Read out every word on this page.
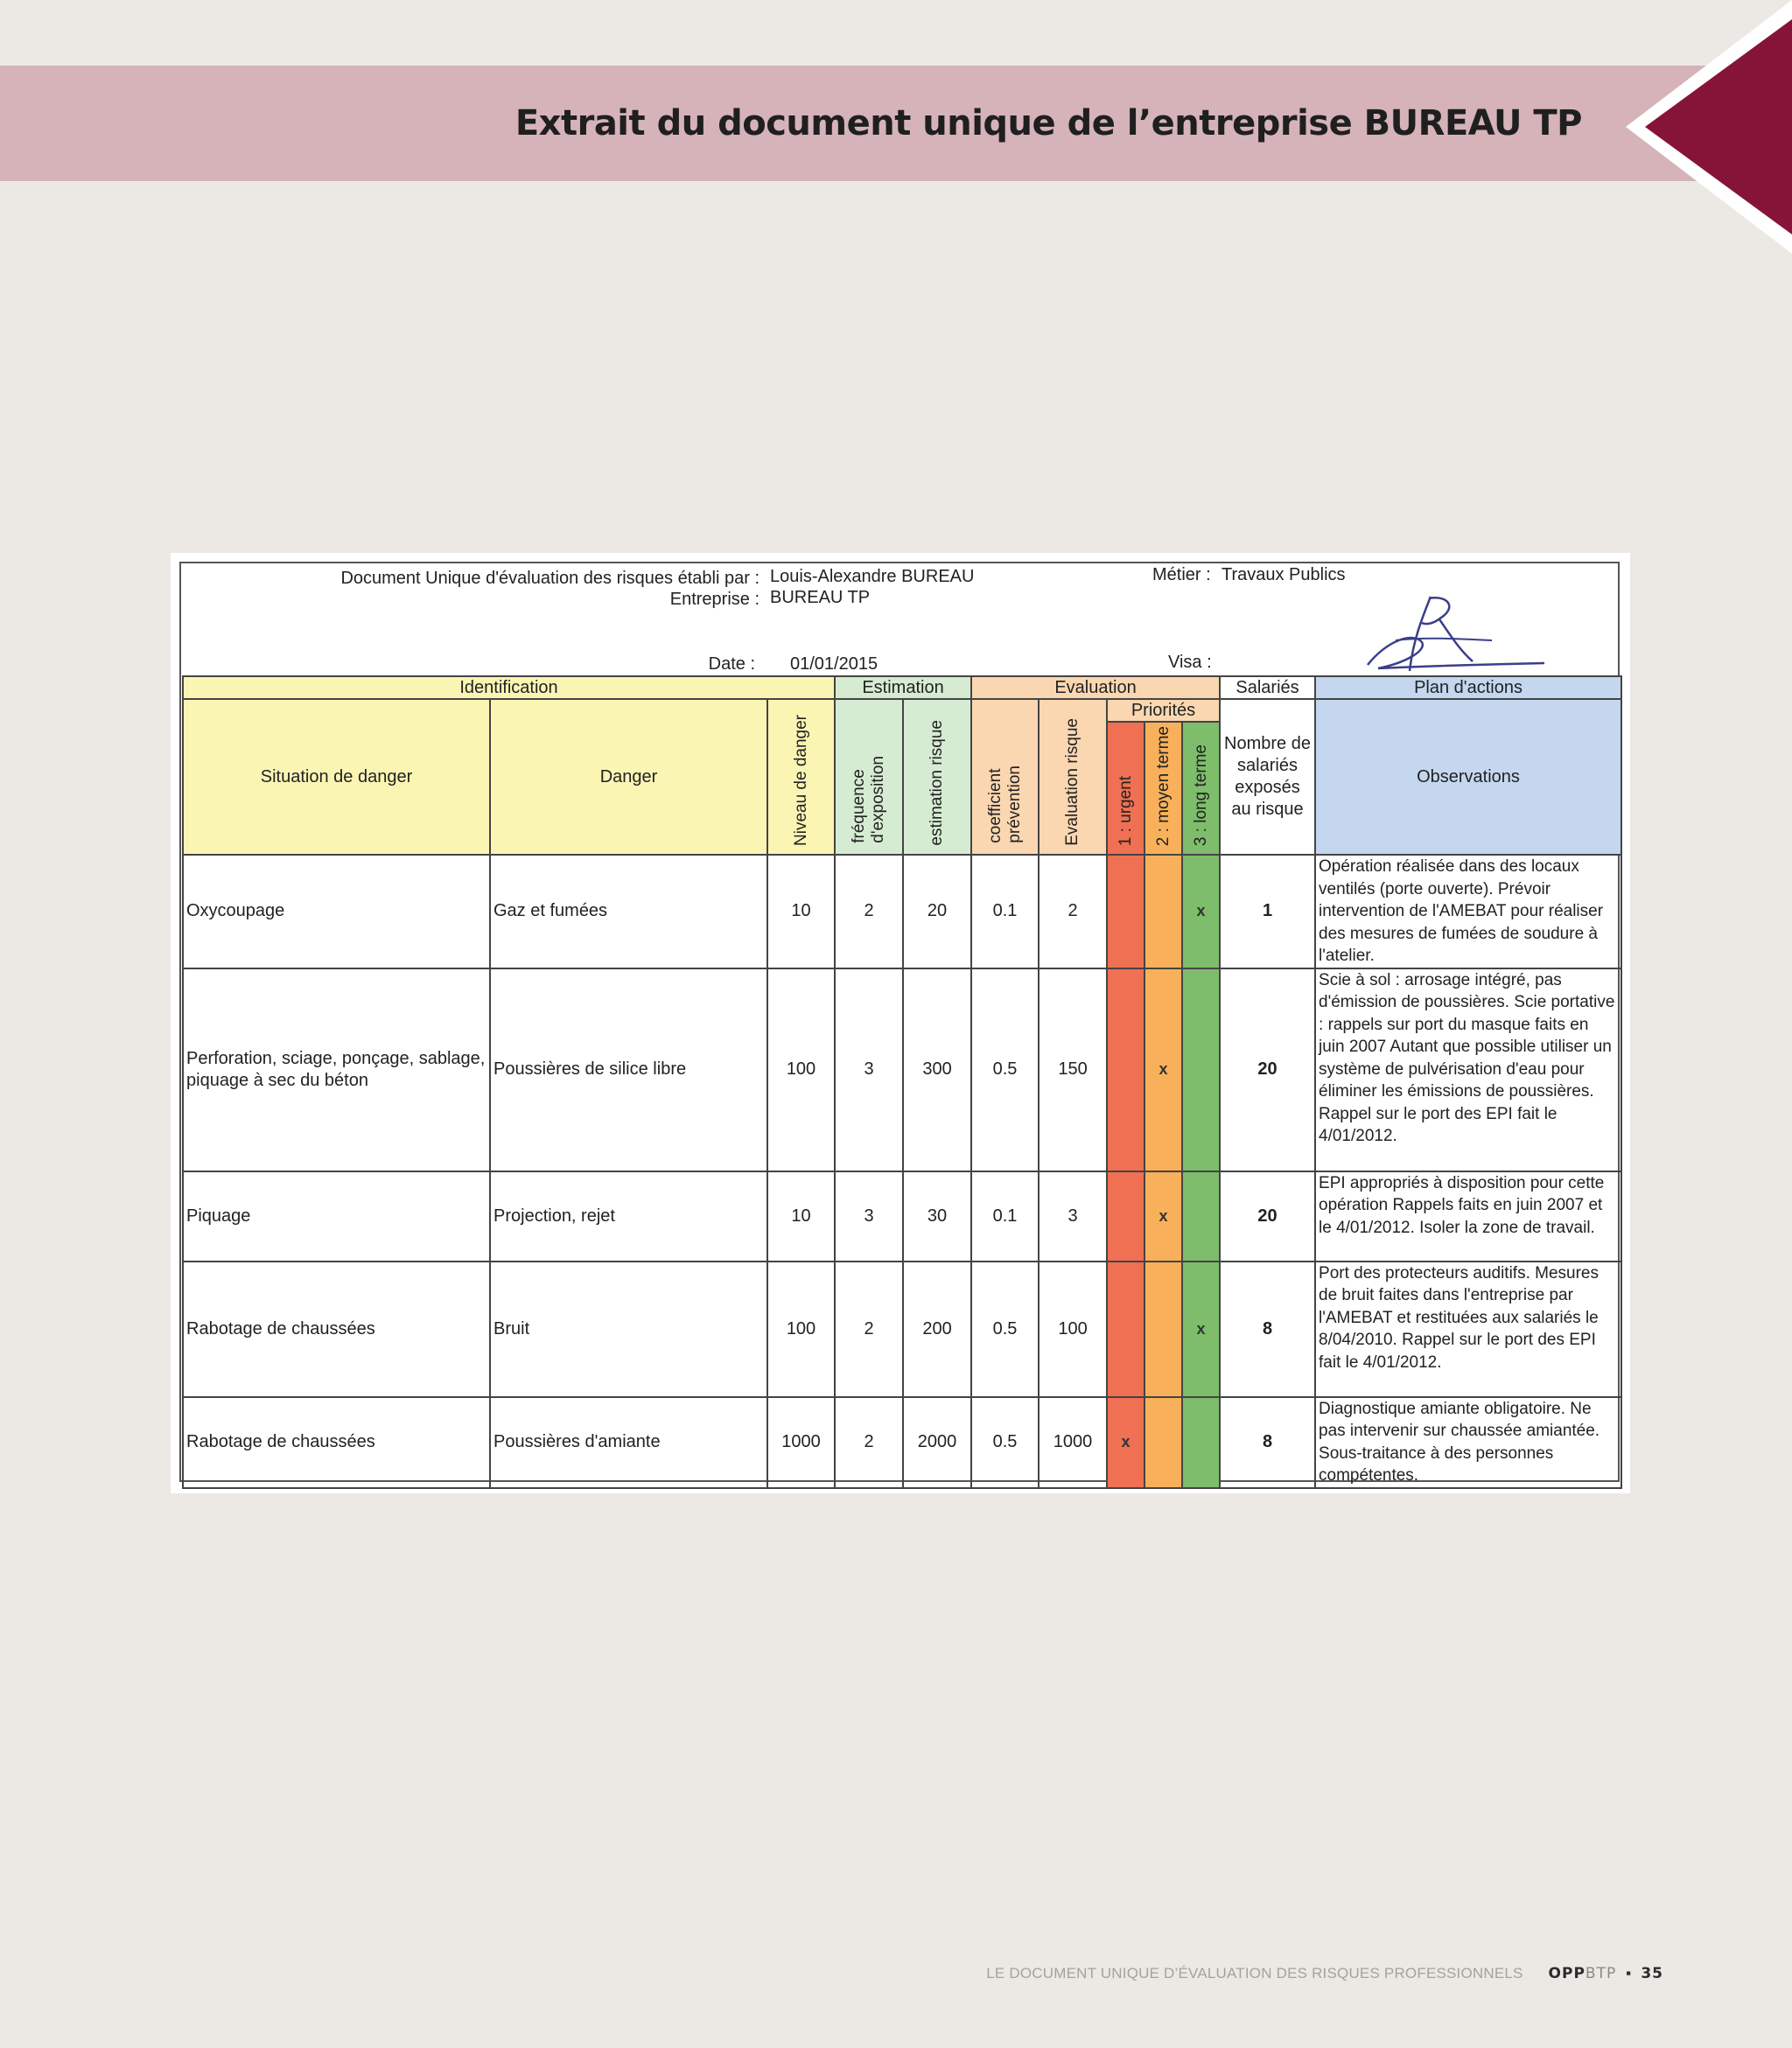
Extrait du document unique de l’entreprise BUREAU TP
Document Unique d'évaluation des risques établi par : Louis-Alexandre BUREAU
Entreprise : BUREAU TP
Métier : Travaux Publics
Date : 01/01/2015	Visa :
Identification			Estimation		Evaluation					Salariés	Plan d'actions
Situation de danger	Danger	Niveau de danger	fréquence d'exposition	estimation risque	coefficient prévention	Evaluation risque	Priorités			Nombre de salariés exposés au risque	Observations
							1 : urgent	2 : moyen terme	3 : long terme		
Oxycoupage	Gaz et fumées	10	2	20	0.1	2			x	1	Opération réalisée dans des locaux ventilés (porte ouverte). Prévoir intervention de l'AMEBAT pour réaliser des mesures de fumées de soudure à l'atelier.
Perforation, sciage, ponçage, sablage, piquage à sec du béton	Poussières de silice libre	100	3	300	0.5	150		x		20	Scie à sol : arrosage intégré, pas d'émission de poussières. Scie portative : rappels sur port du masque faits en juin 2007 Autant que possible utiliser un système de pulvérisation d'eau pour éliminer les émissions de poussières. Rappel sur le port des EPI fait le 4/01/2012.
Piquage	Projection, rejet	10	3	30	0.1	3		x		20	EPI appropriés à disposition pour cette opération Rappels faits en juin 2007 et le 4/01/2012. Isoler la zone de travail.
Rabotage de chaussées	Bruit	100	2	200	0.5	100			x	8	Port des protecteurs auditifs. Mesures de bruit faites dans l'entreprise par l'AMEBAT et restituées aux salariés le 8/04/2010. Rappel sur le port des EPI fait le 4/01/2012.
Rabotage de chaussées	Poussières d'amiante	1000	2	2000	0.5	1000	x			8	Diagnostique amiante obligatoire. Ne pas intervenir sur chaussée amiantée. Sous-traitance à des personnes compétentes.
LE DOCUMENT UNIQUE D’ÉVALUATION DES RISQUES PROFESSIONNELS OPPBTP ▪ 35
